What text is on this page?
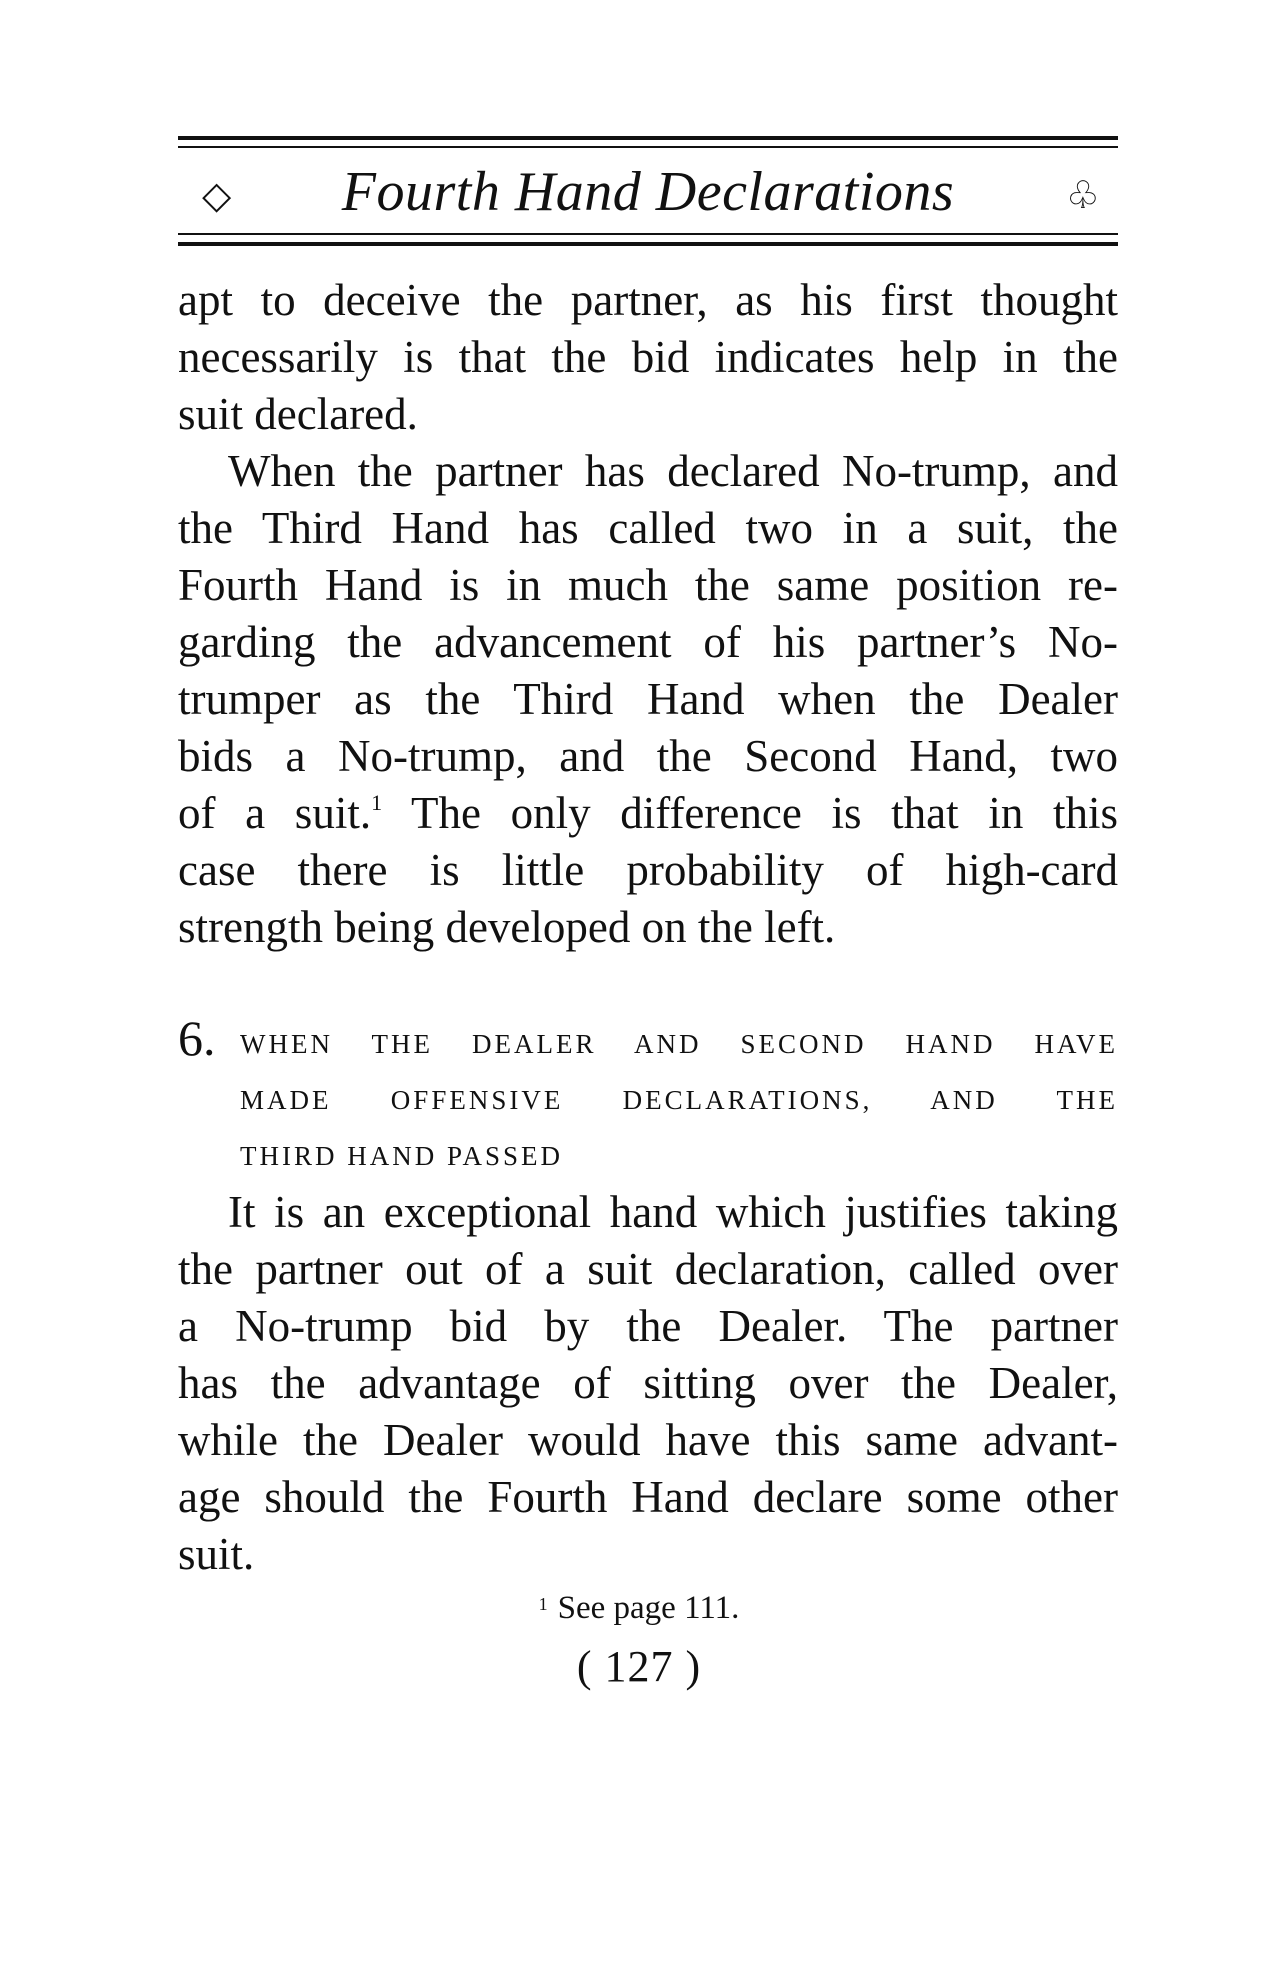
◇	Fourth Hand Declarations	♧
apt to deceive the partner, as his first thought
necessarily is that the bid indicates help in the
suit declared.
When the partner has declared No-trump, and
the Third Hand has called two in a suit, the
Fourth Hand is in much the same position re-
garding the advancement of his partner’s No-
trumper as the Third Hand when the Dealer
bids a No-trump, and the Second Hand, two
of a suit.$^1$ The only difference is that in this
case there is little probability of high-card
strength being developed on the left.
6. WHEN THE DEALER AND SECOND HAND HAVE
MADE OFFENSIVE DECLARATIONS, AND THE
THIRD HAND PASSED
It is an exceptional hand which justifies taking
the partner out of a suit declaration, called over
a No-trump bid by the Dealer. The partner
has the advantage of sitting over the Dealer,
while the Dealer would have this same advant-
age should the Fourth Hand declare some other
suit.
$^1$ See page 111.
( 127 )
